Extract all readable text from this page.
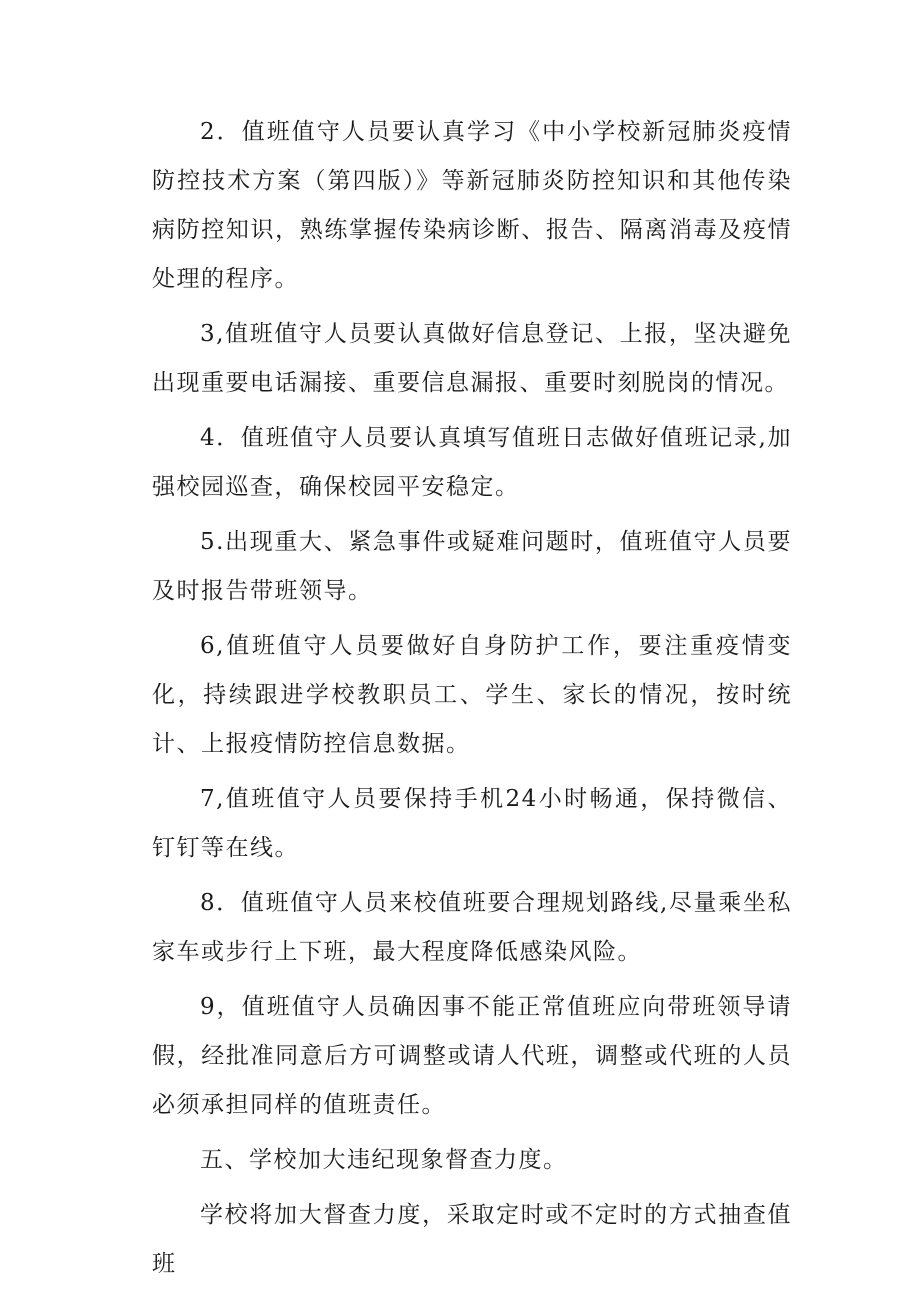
2．值班值守人员要认真学习《中小学校新冠肺炎疫情防控技术方案（第四版）》等新冠肺炎防控知识和其他传染病防控知识，熟练掌握传染病诊断、报告、隔离消毒及疫情处理的程序。

3,值班值守人员要认真做好信息登记、上报，坚决避免出现重要电话漏接、重要信息漏报、重要时刻脱岗的情况。

4．值班值守人员要认真填写值班日志做好值班记录,加强校园巡查，确保校园平安稳定。

5.出现重大、紧急事件或疑难问题时，值班值守人员要及时报告带班领导。

6,值班值守人员要做好自身防护工作，要注重疫情变化，持续跟进学校教职员工、学生、家长的情况，按时统计、上报疫情防控信息数据。

7,值班值守人员要保持手机24小时畅通，保持微信、钉钉等在线。

8．值班值守人员来校值班要合理规划路线,尽量乘坐私家车或步行上下班，最大程度降低感染风险。

9，值班值守人员确因事不能正常值班应向带班领导请假，经批准同意后方可调整或请人代班，调整或代班的人员必须承担同样的值班责任。

五、学校加大违纪现象督查力度。

学校将加大督查力度，采取定时或不定时的方式抽查值班
